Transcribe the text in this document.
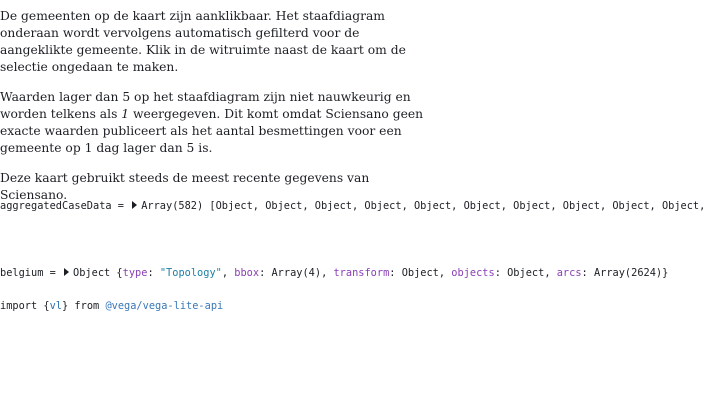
De gemeenten op de kaart zijn aanklikbaar. Het staafdiagram onderaan wordt vervolgens automatisch gefilterd voor de aangeklikte gemeente. Klik in de witruimte naast de kaart om de selectie ongedaan te maken.

Waarden lager dan 5 op het staafdiagram zijn niet nauwkeurig en worden telkens als 1 weergegeven. Dit komt omdat Sciensano geen exacte waarden publiceert als het aantal besmettingen voor een gemeente op 1 dag lager dan 5 is.

Deze kaart gebruikt steeds de meest recente gegevens van Sciensano.

aggregatedCaseData = Array(582) [Object, Object, Object, Object, Object, Object, Object, Object, Object, Object,
belgium = Object {type: "Topology", bbox: Array(4), transform: Object, objects: Object, arcs: Array(2624)}
import {vl} from @vega/vega-lite-api
